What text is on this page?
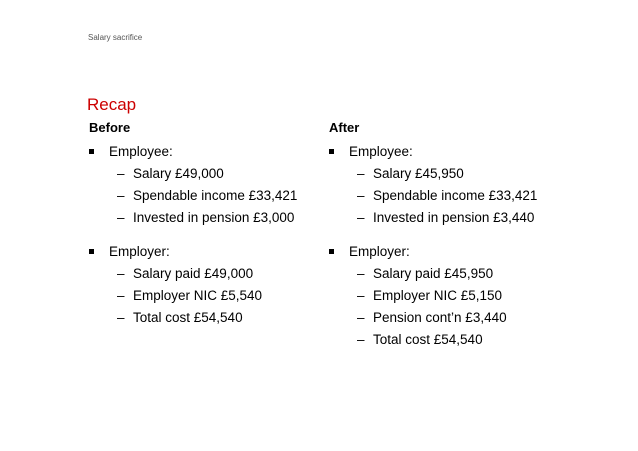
Salary sacrifice
Recap
Before
Employee:
– Salary £49,000
– Spendable income £33,421
– Invested in pension £3,000
Employer:
– Salary paid £49,000
– Employer NIC £5,540
– Total cost £54,540
After
Employee:
– Salary £45,950
– Spendable income £33,421
– Invested in pension £3,440
Employer:
– Salary paid £45,950
– Employer NIC £5,150
– Pension cont’n £3,440
– Total cost £54,540
